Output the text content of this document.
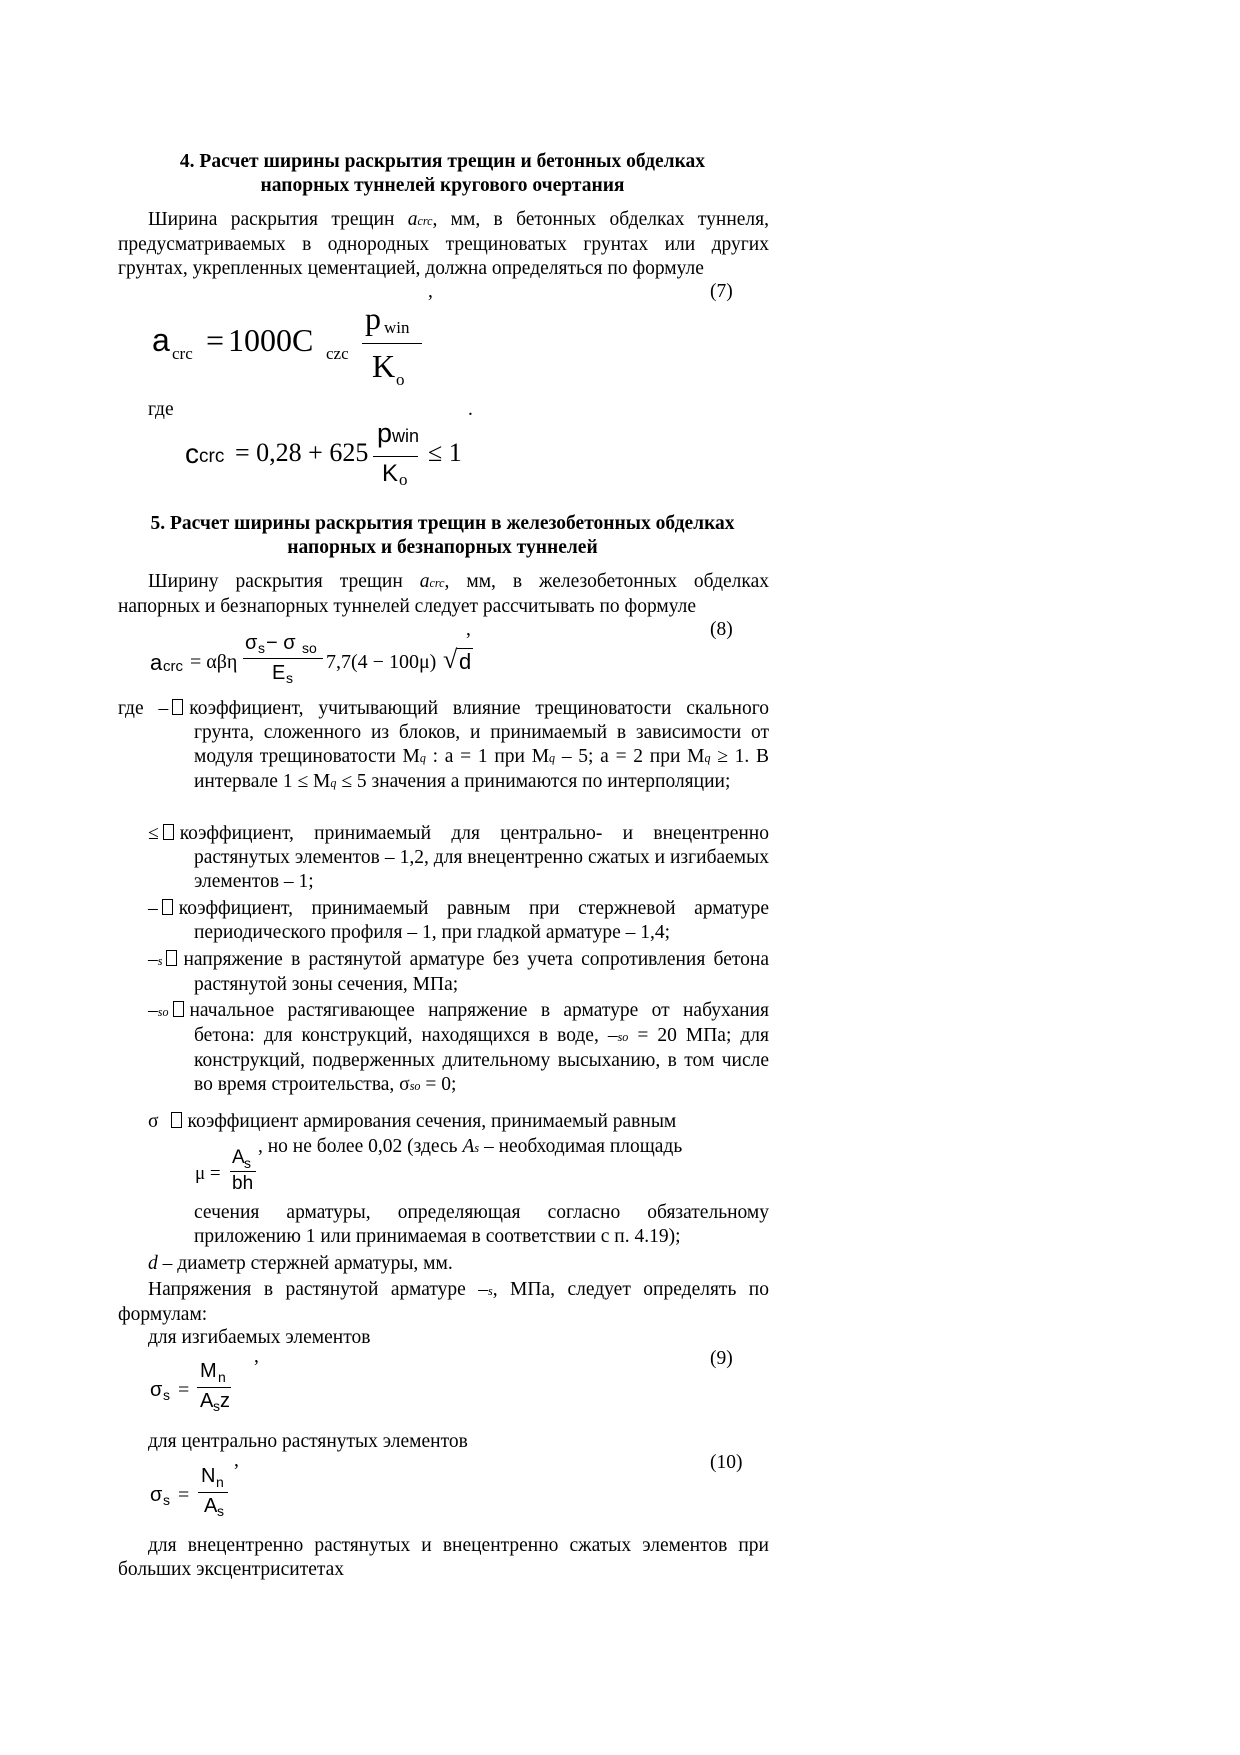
4. Расчет ширины раскрытия трещин и бетонных обделках
напорных туннелей кругового очертания
Ширина раскрытия трещин acrc, мм, в бетонных обделках туннеля, предусматриваемых в однородных трещиноватых грунтах или других грунтах, укрепленных цементацией, должна определяться по формуле
,	(7)
a crc = 1000C czc
p win
K o
где	.
c crc = 0,28 + 625
p win
K o
≤ 1
5. Расчет ширины раскрытия трещин в железобетонных обделках
напорных и безнапорных туннелей
Ширину раскрытия трещин acrc, мм, в железобетонных обделках напорных и безнапорных туннелей следует рассчитывать по формуле
,	(8)
a crc = αβη
σ s − σ so
E s
7,7(4 − 100μ) √ d
где – коэффициент, учитывающий влияние трещиноватости скального грунта, сложенного из блоков, и принимаемый в зависимости от модуля трещиноватости Mq : a = 1 при Mq – 5; a = 2 при Mq ≥ 1. В интервале 1 ≤ Mq ≤ 5 значения a принимаются по интерполяции;
≤ коэффициент, принимаемый для центрально- и внецентренно растянутых элементов – 1,2, для внецентренно сжатых и изгибаемых элементов – 1;
– коэффициент, принимаемый равным при стержневой арматуре периодического профиля – 1, при гладкой арматуре – 1,4;
–s напряжение в растянутой арматуре без учета сопротивления бетона растянутой зоны сечения, МПа;
–so начальное растягивающее напряжение в арматуре от набухания бетона: для конструкций, находящихся в воде, –so = 20 МПа; для конструкций, подверженных длительному высыханию, в том числе во время строительства, σso = 0;
σ коэффициент армирования сечения, принимаемый равным
, но не более 0,02 (здесь As – необходимая площадь
μ =
A s
bh
сечения арматуры, определяющая согласно обязательному приложению 1 или принимаемая в соответствии с п. 4.19);
d – диаметр стержней арматуры, мм.
Напряжения в растянутой арматуре –s, МПа, следует определять по формулам:
для изгибаемых элементов
,	(9)
σ s =
M n
A s z
для центрально растянутых элементов
,	(10)
σ s =
N n
A s
для внецентренно растянутых и внецентренно сжатых элементов при больших эксцентриситетах
